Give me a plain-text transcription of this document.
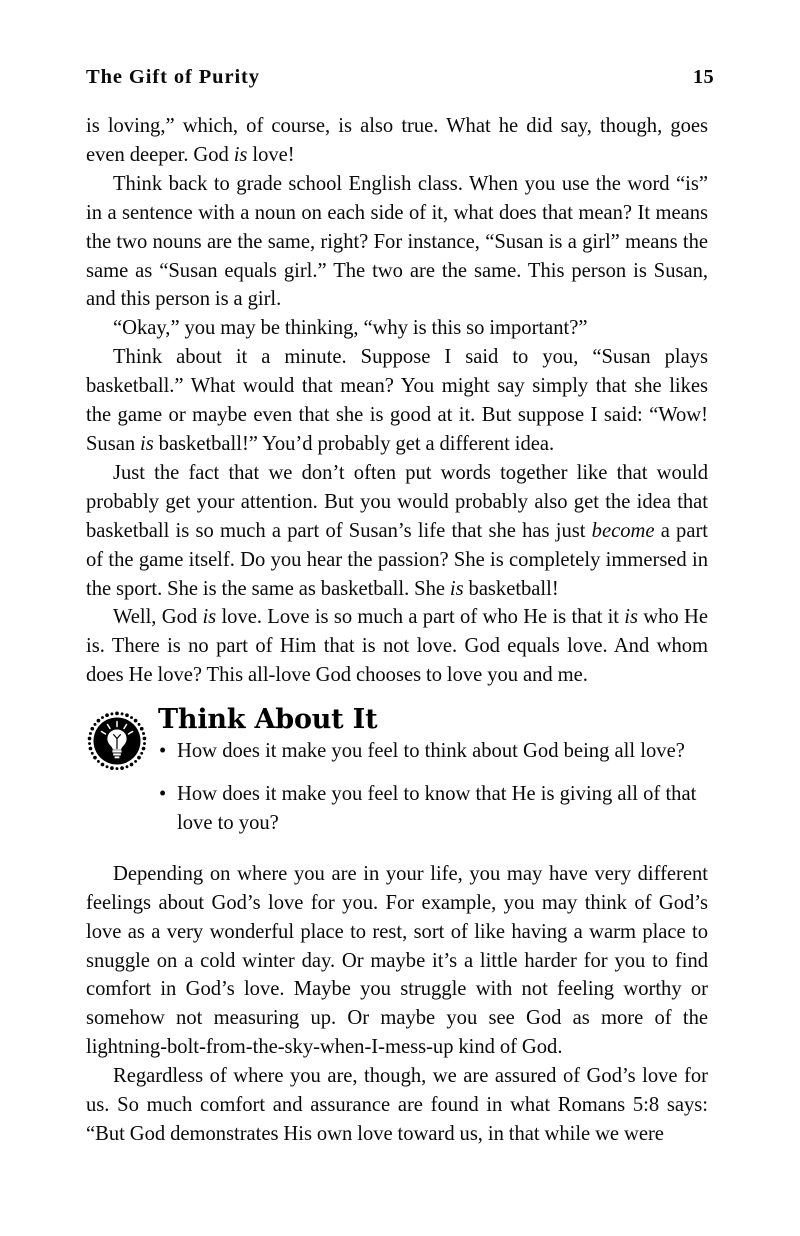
The Gift of Purity	15

is loving,” which, of course, is also true. What he did say, though, goes even deeper. God is love!

Think back to grade school English class. When you use the word “is” in a sentence with a noun on each side of it, what does that mean? It means the two nouns are the same, right? For instance, “Susan is a girl” means the same as “Susan equals girl.” The two are the same. This person is Susan, and this person is a girl.

“Okay,” you may be thinking, “why is this so important?”

Think about it a minute. Suppose I said to you, “Susan plays basketball.” What would that mean? You might say simply that she likes the game or maybe even that she is good at it. But suppose I said: “Wow! Susan is basketball!” You’d probably get a different idea.

Just the fact that we don’t often put words together like that would probably get your attention. But you would probably also get the idea that basketball is so much a part of Susan’s life that she has just become a part of the game itself. Do you hear the passion? She is completely immersed in the sport. She is the same as basketball. She is basketball!

Well, God is love. Love is so much a part of who He is that it is who He is. There is no part of Him that is not love. God equals love. And whom does He love? This all-love God chooses to love you and me.

Think About It
• How does it make you feel to think about God being all love?
• How does it make you feel to know that He is giving all of that love to you?

Depending on where you are in your life, you may have very different feelings about God’s love for you. For example, you may think of God’s love as a very wonderful place to rest, sort of like having a warm place to snuggle on a cold winter day. Or maybe it’s a little harder for you to find comfort in God’s love. Maybe you struggle with not feeling worthy or somehow not measuring up. Or maybe you see God as more of the lightning-bolt-from-the-sky-when-I-mess-up kind of God.

Regardless of where you are, though, we are assured of God’s love for us. So much comfort and assurance are found in what Romans 5:8 says: “But God demonstrates His own love toward us, in that while we were
